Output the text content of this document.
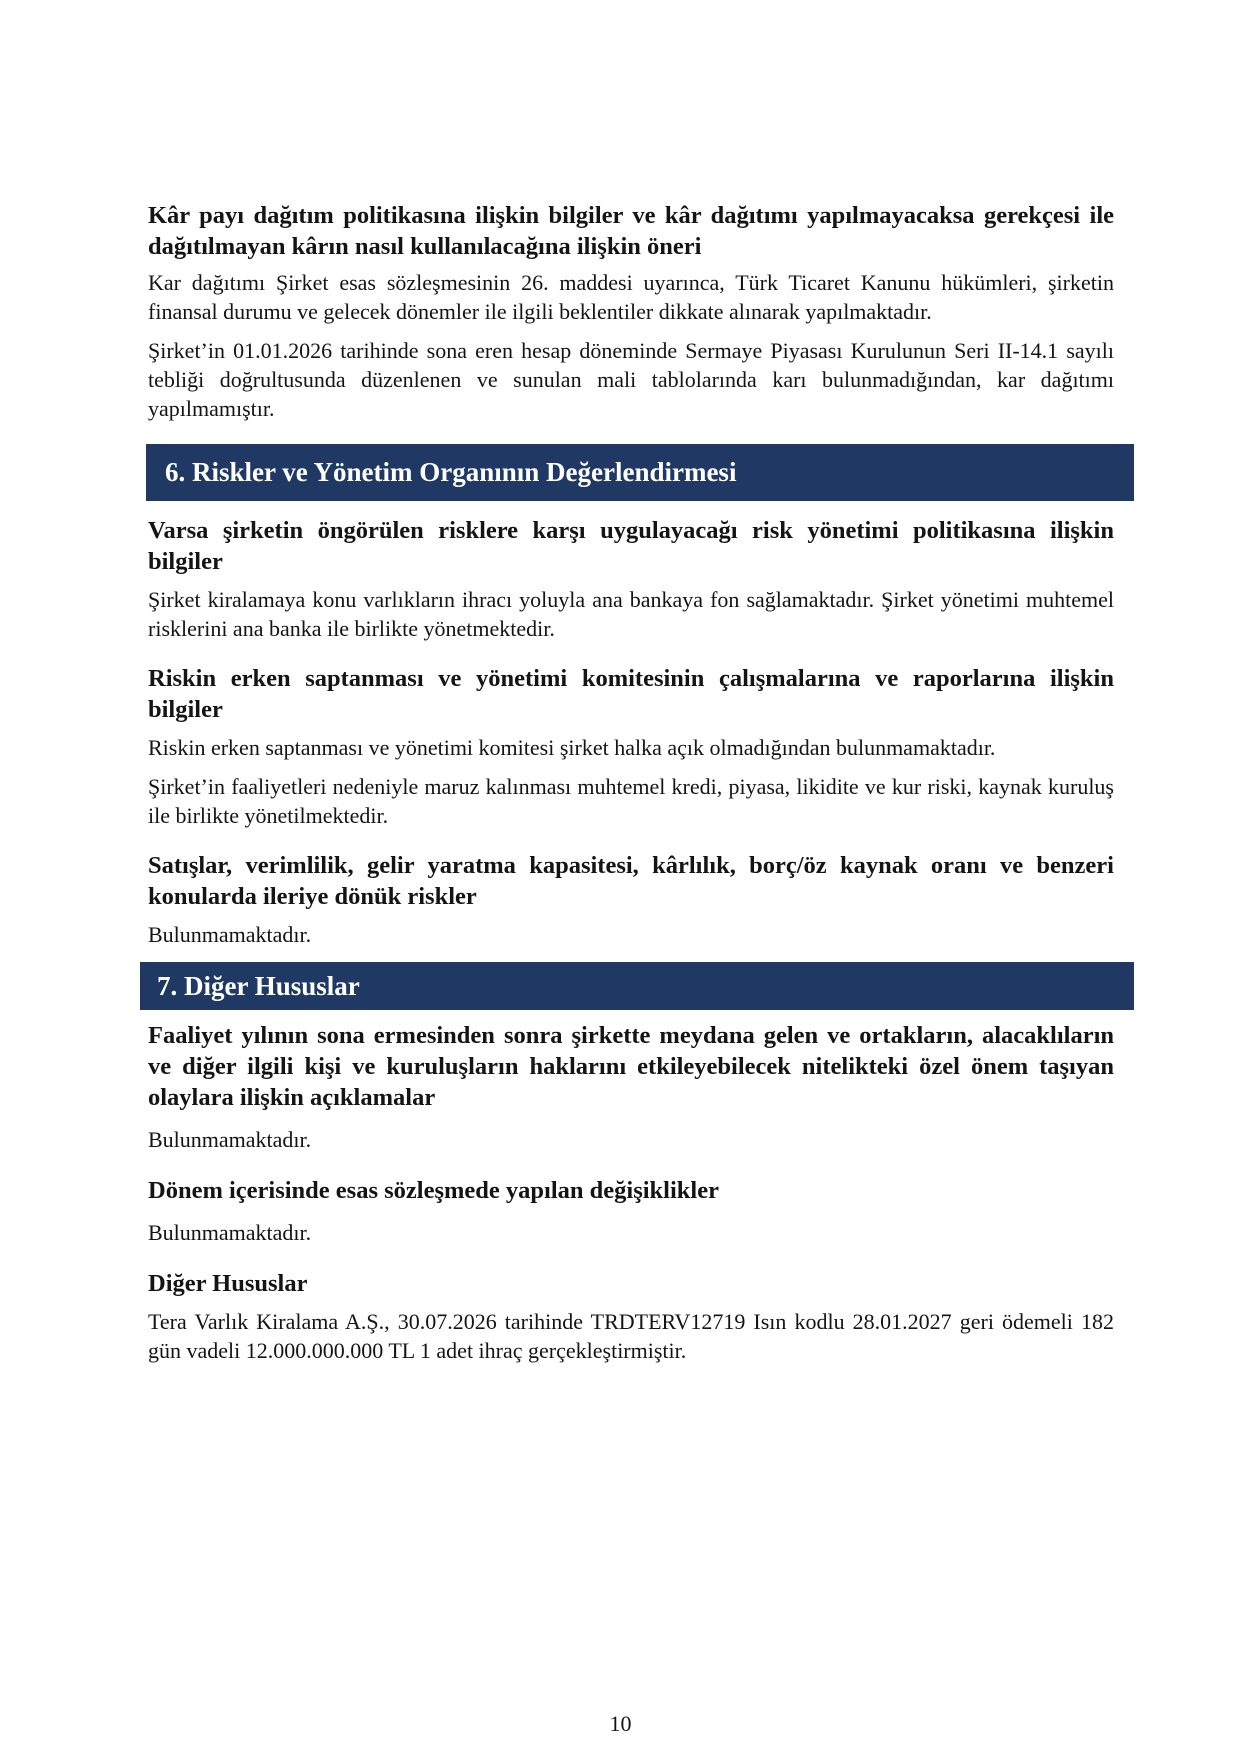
Kâr payı dağıtım politikasına ilişkin bilgiler ve kâr dağıtımı yapılmayacaksa gerekçesi ile dağıtılmayan kârın nasıl kullanılacağına ilişkin öneri

Kar dağıtımı Şirket esas sözleşmesinin 26. maddesi uyarınca, Türk Ticaret Kanunu hükümleri, şirketin finansal durumu ve gelecek dönemler ile ilgili beklentiler dikkate alınarak yapılmaktadır.

Şirket’in 01.01.2026 tarihinde sona eren hesap döneminde Sermaye Piyasası Kurulunun Seri II-14.1 sayılı tebliği doğrultusunda düzenlenen ve sunulan mali tablolarında karı bulunmadığından, kar dağıtımı yapılmamıştır.

6. Riskler ve Yönetim Organının Değerlendirmesi
Varsa şirketin öngörülen risklere karşı uygulayacağı risk yönetimi politikasına ilişkin bilgiler

Şirket kiralamaya konu varlıkların ihracı yoluyla ana bankaya fon sağlamaktadır. Şirket yönetimi muhtemel risklerini ana banka ile birlikte yönetmektedir.

Riskin erken saptanması ve yönetimi komitesinin çalışmalarına ve raporlarına ilişkin bilgiler

Riskin erken saptanması ve yönetimi komitesi şirket halka açık olmadığından bulunmamaktadır.

Şirket’in faaliyetleri nedeniyle maruz kalınması muhtemel kredi, piyasa, likidite ve kur riski, kaynak kuruluş ile birlikte yönetilmektedir.

Satışlar, verimlilik, gelir yaratma kapasitesi, kârlılık, borç/öz kaynak oranı ve benzeri konularda ileriye dönük riskler

Bulunmamaktadır.

7. Diğer Hususlar
Faaliyet yılının sona ermesinden sonra şirkette meydana gelen ve ortakların, alacaklıların ve diğer ilgili kişi ve kuruluşların haklarını etkileyebilecek nitelikteki özel önem taşıyan olaylara ilişkin açıklamalar

Bulunmamaktadır.

Dönem içerisinde esas sözleşmede yapılan değişiklikler

Bulunmamaktadır.

Diğer Hususlar

Tera Varlık Kiralama A.Ş., 30.07.2026 tarihinde TRDTERV12719 Isın kodlu 28.01.2027 geri ödemeli 182 gün vadeli 12.000.000.000 TL 1 adet ihraç gerçekleştirmiştir.

10
